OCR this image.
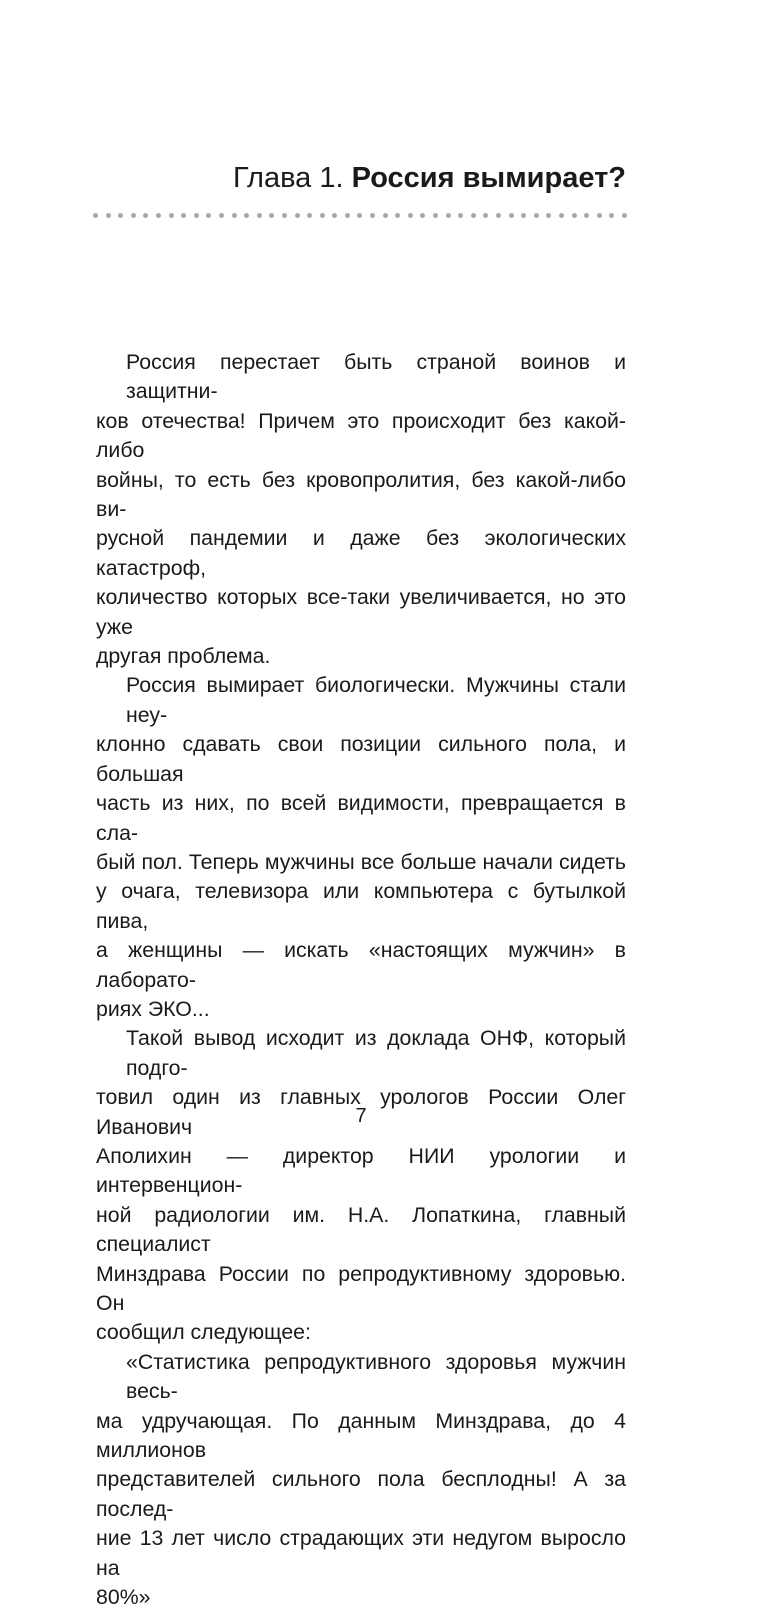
Глава 1. Россия вымирает?

Россия перестает быть страной воинов и защитни-
ков отечества! Причем это происходит без какой-либо
войны, то есть без кровопролития, без какой-либо ви-
русной пандемии и даже без экологических катастроф,
количество которых все-таки увеличивается, но это уже
другая проблема.

Россия вымирает биологически. Мужчины стали неу-
клонно сдавать свои позиции сильного пола, и большая
часть из них, по всей видимости, превращается в сла-
бый пол. Теперь мужчины все больше начали сидеть
у очага, телевизора или компьютера с бутылкой пива,
а женщины — искать «настоящих мужчин» в лаборато-
риях ЭКО...

Такой вывод исходит из доклада ОНФ, который подго-
товил один из главных урологов России Олег Иванович
Аполихин — директор НИИ урологии и интервенцион-
ной радиологии им. Н.А. Лопаткина, главный специалист
Минздрава России по репродуктивному здоровью. Он
сообщил следующее:

«Статистика репродуктивного здоровья мужчин весь-
ма удручающая. По данным Минздрава, до 4 миллионов
представителей сильного пола бесплодны! А за послед-
ние 13 лет число страдающих эти недугом выросло на
80%»

7
